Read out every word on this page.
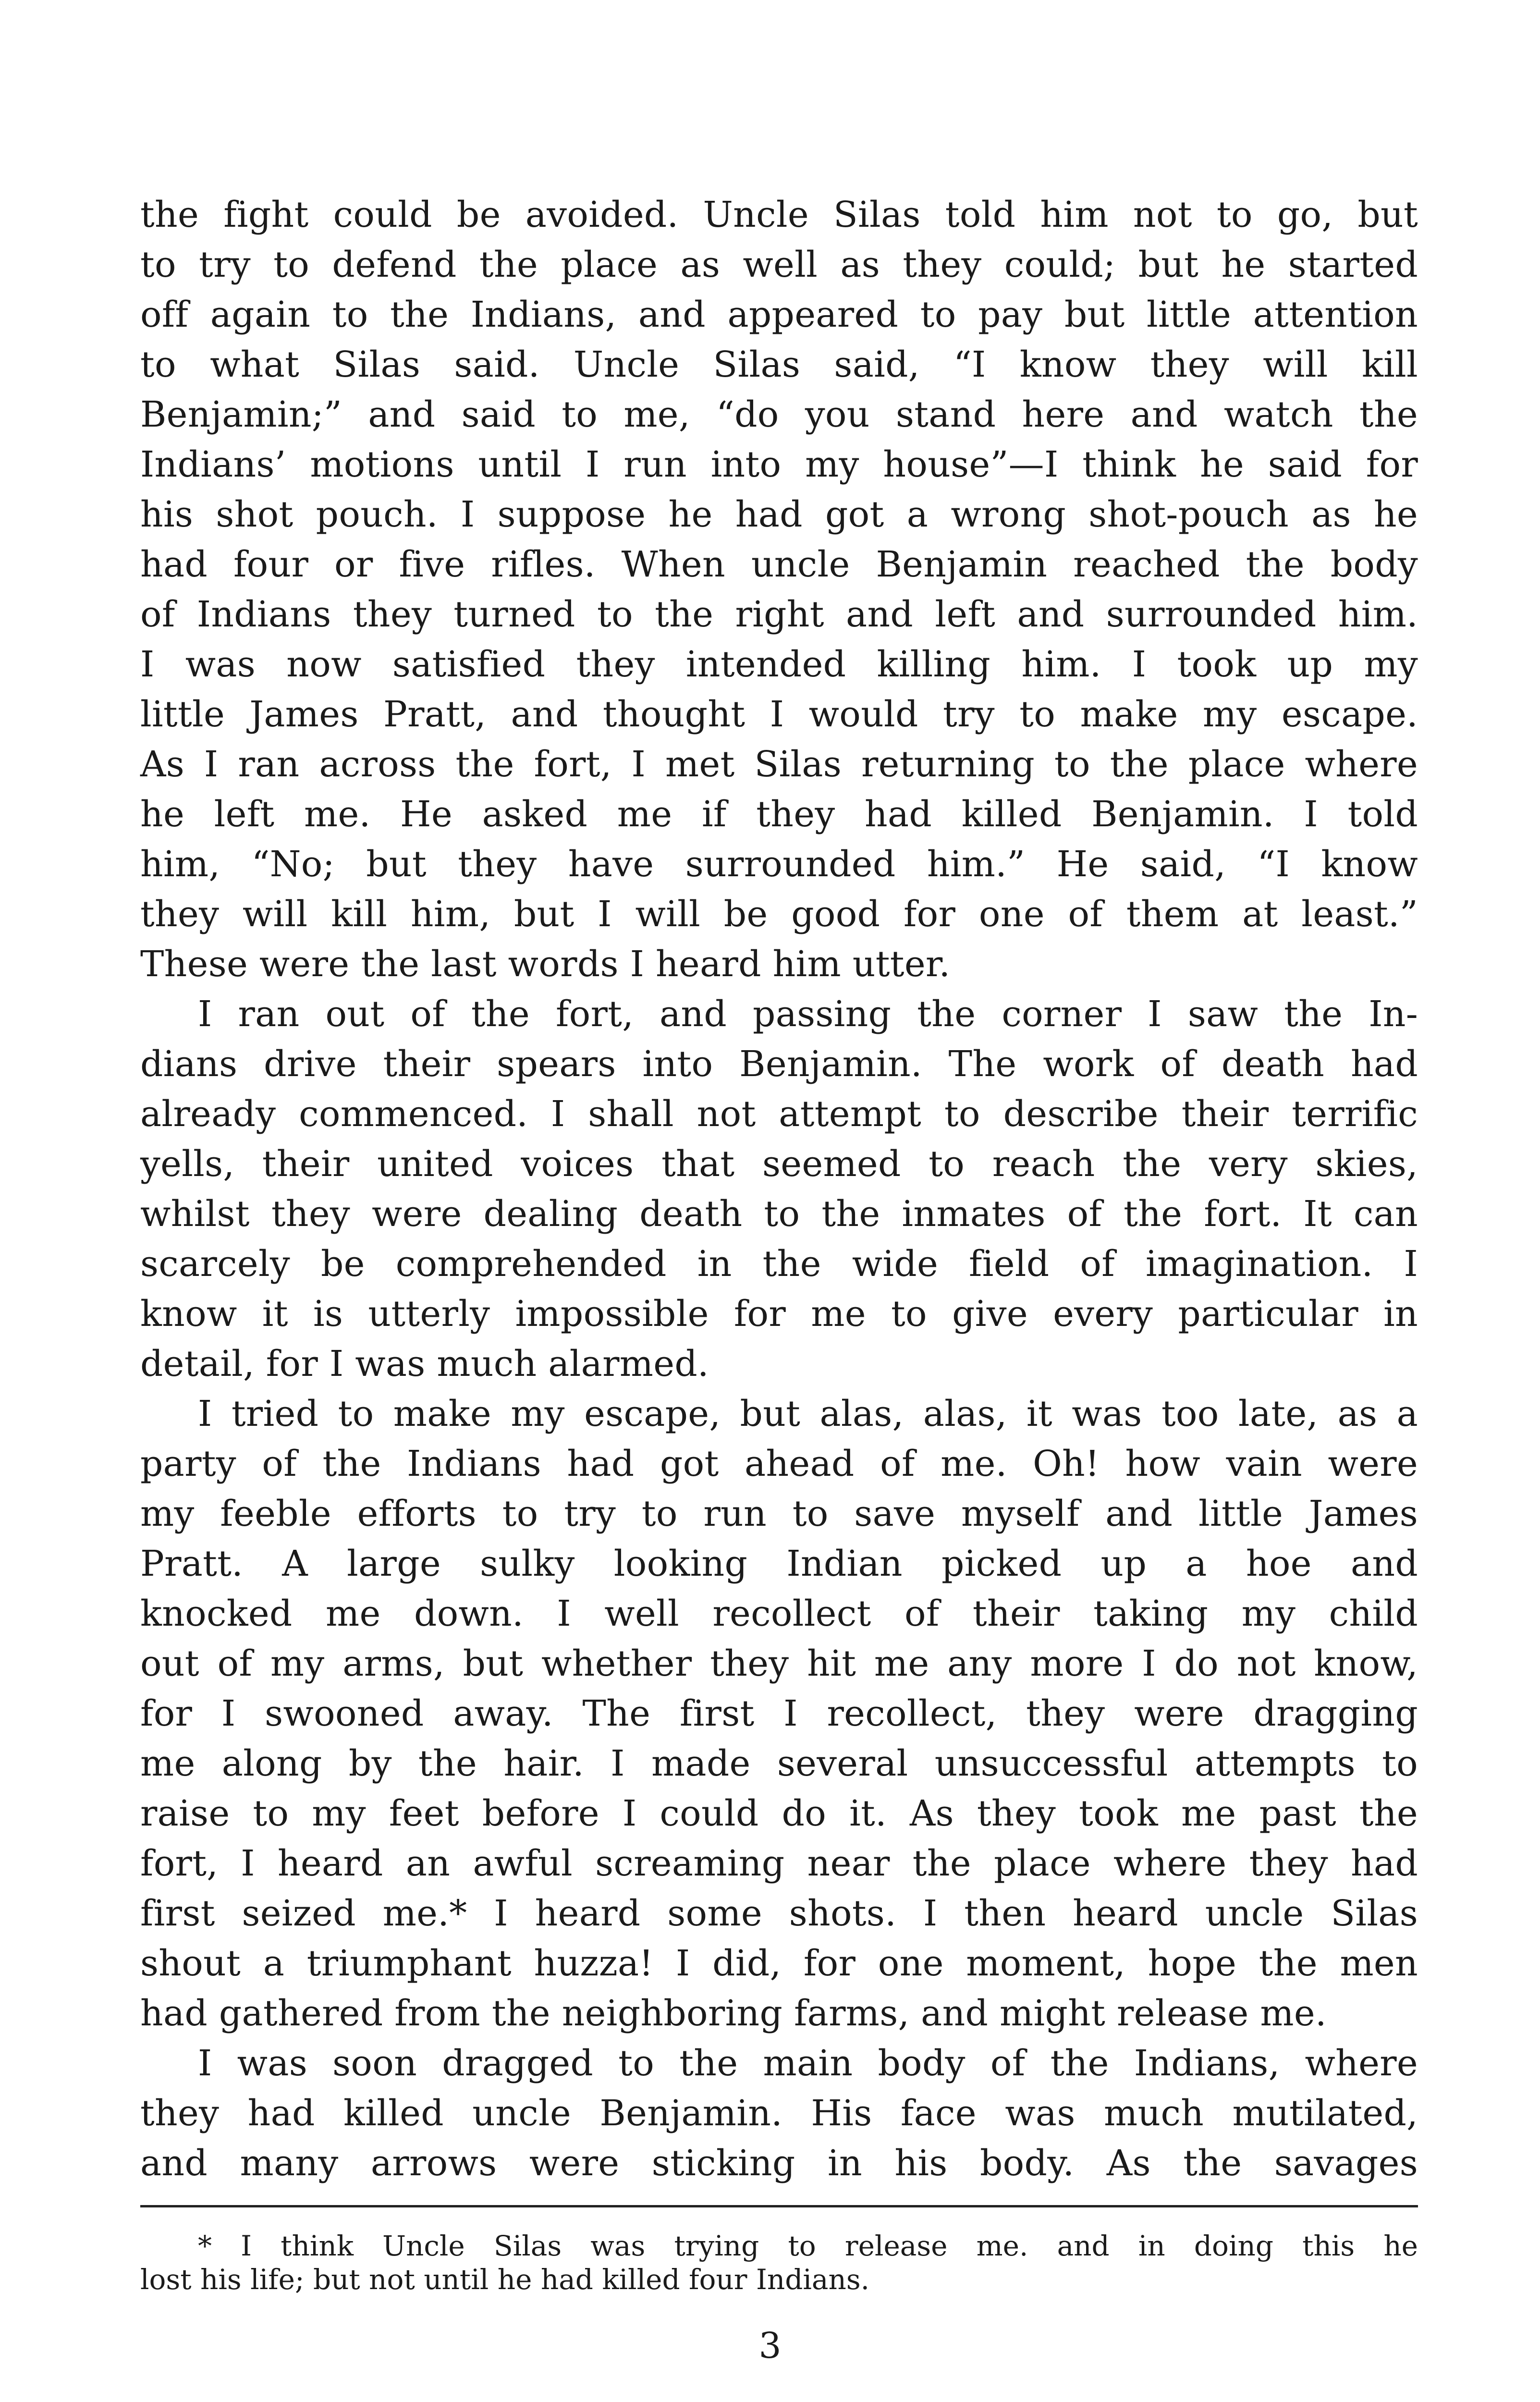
the fight could be avoided. Uncle Silas told him not to go, but
to try to defend the place as well as they could; but he started
off again to the Indians, and appeared to pay but little attention
to what Silas said. Uncle Silas said, “I know they will kill
Benjamin;” and said to me, “do you stand here and watch the
Indians’ motions until I run into my house”—I think he said for
his shot pouch. I suppose he had got a wrong shot-pouch as he
had four or five rifles. When uncle Benjamin reached the body
of Indians they turned to the right and left and surrounded him.
I was now satisfied they intended killing him. I took up my
little James Pratt, and thought I would try to make my escape.
As I ran across the fort, I met Silas returning to the place where
he left me. He asked me if they had killed Benjamin. I told
him, “No; but they have surrounded him.” He said, “I know
they will kill him, but I will be good for one of them at least.”
These were the last words I heard him utter.
I ran out of the fort, and passing the corner I saw the In-
dians drive their spears into Benjamin. The work of death had
already commenced. I shall not attempt to describe their terrific
yells, their united voices that seemed to reach the very skies,
whilst they were dealing death to the inmates of the fort. It can
scarcely be comprehended in the wide field of imagination. I
know it is utterly impossible for me to give every particular in
detail, for I was much alarmed.
I tried to make my escape, but alas, alas, it was too late, as a
party of the Indians had got ahead of me. Oh! how vain were
my feeble efforts to try to run to save myself and little James
Pratt. A large sulky looking Indian picked up a hoe and
knocked me down. I well recollect of their taking my child
out of my arms, but whether they hit me any more I do not know,
for I swooned away. The first I recollect, they were dragging
me along by the hair. I made several unsuccessful attempts to
raise to my feet before I could do it. As they took me past the
fort, I heard an awful screaming near the place where they had
first seized me.* I heard some shots. I then heard uncle Silas
shout a triumphant huzza! I did, for one moment, hope the men
had gathered from the neighboring farms, and might release me.
I was soon dragged to the main body of the Indians, where
they had killed uncle Benjamin. His face was much mutilated,
and many arrows were sticking in his body. As the savages
* I think Uncle Silas was trying to release me. and in doing this he
lost his life; but not until he had killed four Indians.
3
